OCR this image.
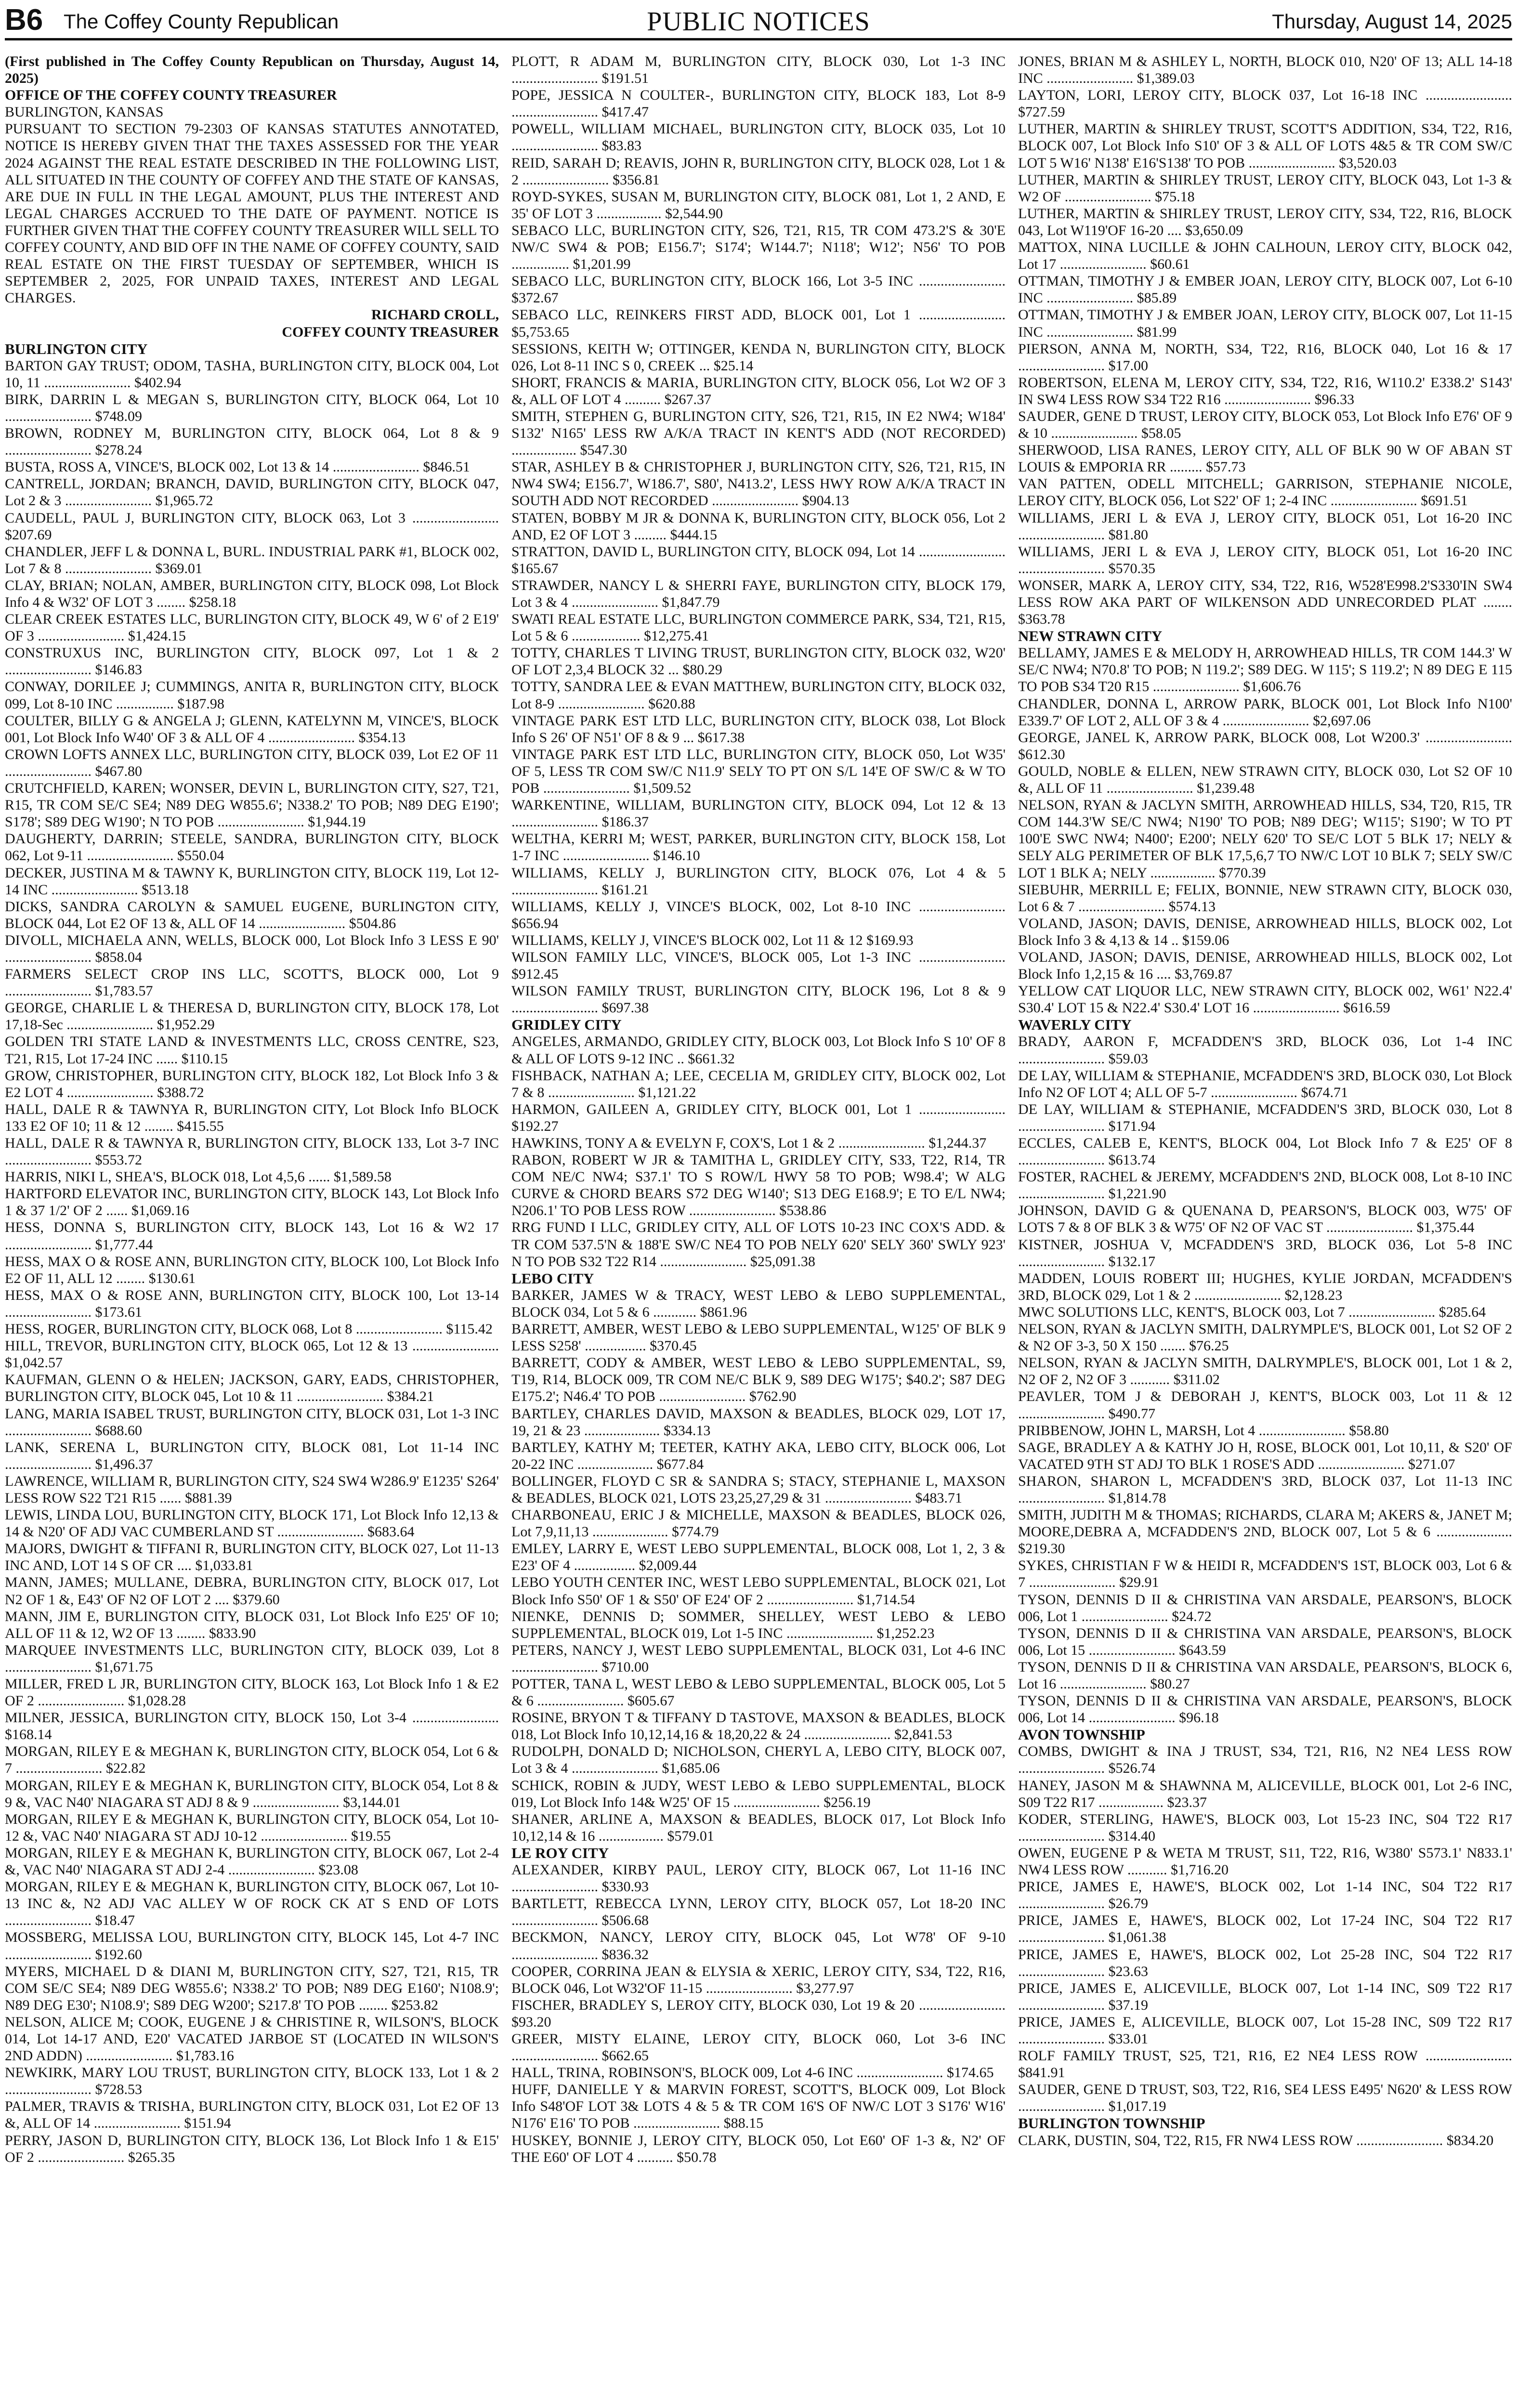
B6 The Coffey County Republican	PUBLIC NOTICES	Thursday, August 14, 2025

(First published in The Coffey County Republican on Thursday, August 14, 2025)

OFFICE OF THE COFFEY COUNTY TREASURER

BURLINGTON, KANSAS

PURSUANT TO SECTION 79-2303 OF KANSAS STATUTES ANNOTATED, NOTICE IS HEREBY GIVEN THAT THE TAXES ASSESSED FOR THE YEAR 2024 AGAINST THE REAL ESTATE DESCRIBED IN THE FOLLOWING LIST, ALL SITUATED IN THE COUNTY OF COFFEY AND THE STATE OF KANSAS, ARE DUE IN FULL IN THE LEGAL AMOUNT, PLUS THE INTEREST AND LEGAL CHARGES ACCRUED TO THE DATE OF PAYMENT. NOTICE IS FURTHER GIVEN THAT THE COFFEY COUNTY TREASURER WILL SELL TO COFFEY COUNTY, AND BID OFF IN THE NAME OF COFFEY COUNTY, SAID REAL ESTATE ON THE FIRST TUESDAY OF SEPTEMBER, WHICH IS SEPTEMBER 2, 2025, FOR UNPAID TAXES, INTEREST AND LEGAL CHARGES.

RICHARD CROLL,

COFFEY COUNTY TREASURER

BURLINGTON CITY

BARTON GAY TRUST; ODOM, TASHA, BURLINGTON CITY, BLOCK 004, Lot 10, 11 ........................ $402.94

BIRK, DARRIN L & MEGAN S, BURLINGTON CITY, BLOCK 064, Lot 10 ........................ $748.09

BROWN, RODNEY M, BURLINGTON CITY, BLOCK 064, Lot 8 & 9 ........................ $278.24

BUSTA, ROSS A, VINCE'S, BLOCK 002, Lot 13 & 14 ........................ $846.51

CANTRELL, JORDAN; BRANCH, DAVID, BURLINGTON CITY, BLOCK 047, Lot 2 & 3 ........................ $1,965.72

CAUDELL, PAUL J, BURLINGTON CITY, BLOCK 063, Lot 3 ........................ $207.69

CHANDLER, JEFF L & DONNA L, BURL. INDUSTRIAL PARK #1, BLOCK 002, Lot 7 & 8 ........................ $369.01

CLAY, BRIAN; NOLAN, AMBER, BURLINGTON CITY, BLOCK 098, Lot Block Info 4 & W32' OF LOT 3 ........ $258.18

CLEAR CREEK ESTATES LLC, BURLINGTON CITY, BLOCK 49, W 6' of 2 E19' OF 3 ........................ $1,424.15

CONSTRUXUS INC, BURLINGTON CITY, BLOCK 097, Lot 1 & 2 ........................ $146.83

CONWAY, DORILEE J; CUMMINGS, ANITA R, BURLINGTON CITY, BLOCK 099, Lot 8-10 INC ................ $187.98

COULTER, BILLY G & ANGELA J; GLENN, KATELYNN M, VINCE'S, BLOCK 001, Lot Block Info W40' OF 3 & ALL OF 4 ........................ $354.13

CROWN LOFTS ANNEX LLC, BURLINGTON CITY, BLOCK 039, Lot E2 OF 11 ........................ $467.80

CRUTCHFIELD, KAREN; WONSER, DEVIN L, BURLINGTON CITY, S27, T21, R15, TR COM SE/C SE4; N89 DEG W855.6'; N338.2' TO POB; N89 DEG E190'; S178'; S89 DEG W190'; N TO POB ........................ $1,944.19

DAUGHERTY, DARRIN; STEELE, SANDRA, BURLINGTON CITY, BLOCK 062, Lot 9-11 ........................ $550.04

DECKER, JUSTINA M & TAWNY K, BURLINGTON CITY, BLOCK 119, Lot 12-14 INC ........................ $513.18

DICKS, SANDRA CAROLYN & SAMUEL EUGENE, BURLINGTON CITY, BLOCK 044, Lot E2 OF 13 &, ALL OF 14 ........................ $504.86

DIVOLL, MICHAELA ANN, WELLS, BLOCK 000, Lot Block Info 3 LESS E 90' ........................ $858.04

FARMERS SELECT CROP INS LLC, SCOTT'S, BLOCK 000, Lot 9 ........................ $1,783.57

GEORGE, CHARLIE L & THERESA D, BURLINGTON CITY, BLOCK 178, Lot 17,18-Sec ........................ $1,952.29

GOLDEN TRI STATE LAND & INVESTMENTS LLC, CROSS CENTRE, S23, T21, R15, Lot 17-24 INC ...... $110.15

GROW, CHRISTOPHER, BURLINGTON CITY, BLOCK 182, Lot Block Info 3 & E2 LOT 4 ........................ $388.72

HALL, DALE R & TAWNYA R, BURLINGTON CITY, Lot Block Info BLOCK 133 E2 OF 10; 11 & 12 ........ $415.55

HALL, DALE R & TAWNYA R, BURLINGTON CITY, BLOCK 133, Lot 3-7 INC ........................ $553.72

HARRIS, NIKI L, SHEA'S, BLOCK 018, Lot 4,5,6 ...... $1,589.58

HARTFORD ELEVATOR INC, BURLINGTON CITY, BLOCK 143, Lot Block Info 1 & 37 1/2' OF 2 ...... $1,069.16

HESS, DONNA S, BURLINGTON CITY, BLOCK 143, Lot 16 & W2 17 ........................ $1,777.44

HESS, MAX O & ROSE ANN, BURLINGTON CITY, BLOCK 100, Lot Block Info E2 OF 11, ALL 12 ........ $130.61

HESS, MAX O & ROSE ANN, BURLINGTON CITY, BLOCK 100, Lot 13-14 ........................ $173.61

HESS, ROGER, BURLINGTON CITY, BLOCK 068, Lot 8 ........................ $115.42

HILL, TREVOR, BURLINGTON CITY, BLOCK 065, Lot 12 & 13 ........................ $1,042.57

KAUFMAN, GLENN O & HELEN; JACKSON, GARY, EADS, CHRISTOPHER, BURLINGTON CITY, BLOCK 045, Lot 10 & 11 ........................ $384.21

LANG, MARIA ISABEL TRUST, BURLINGTON CITY, BLOCK 031, Lot 1-3 INC ........................ $688.60

LANK, SERENA L, BURLINGTON CITY, BLOCK 081, Lot 11-14 INC ........................ $1,496.37

LAWRENCE, WILLIAM R, BURLINGTON CITY, S24 SW4 W286.9' E1235' S264' LESS ROW S22 T21 R15 ...... $881.39

LEWIS, LINDA LOU, BURLINGTON CITY, BLOCK 171, Lot Block Info 12,13 & 14 & N20' OF ADJ VAC CUMBERLAND ST ........................ $683.64

MAJORS, DWIGHT & TIFFANI R, BURLINGTON CITY, BLOCK 027, Lot 11-13 INC AND, LOT 14 S OF CR .... $1,033.81

MANN, JAMES; MULLANE, DEBRA, BURLINGTON CITY, BLOCK 017, Lot N2 OF 1 &, E43' OF N2 OF LOT 2 .... $379.60

MANN, JIM E, BURLINGTON CITY, BLOCK 031, Lot Block Info E25' OF 10; ALL OF 11 & 12, W2 OF 13 ........ $833.90

MARQUEE INVESTMENTS LLC, BURLINGTON CITY, BLOCK 039, Lot 8 ........................ $1,671.75

MILLER, FRED L JR, BURLINGTON CITY, BLOCK 163, Lot Block Info 1 & E2 OF 2 ........................ $1,028.28

MILNER, JESSICA, BURLINGTON CITY, BLOCK 150, Lot 3-4 ........................ $168.14

MORGAN, RILEY E & MEGHAN K, BURLINGTON CITY, BLOCK 054, Lot 6 & 7 ........................ $22.82

MORGAN, RILEY E & MEGHAN K, BURLINGTON CITY, BLOCK 054, Lot 8 & 9 &, VAC N40' NIAGARA ST ADJ 8 & 9 ........................ $3,144.01

MORGAN, RILEY E & MEGHAN K, BURLINGTON CITY, BLOCK 054, Lot 10-12 &, VAC N40' NIAGARA ST ADJ 10-12 ........................ $19.55

MORGAN, RILEY E & MEGHAN K, BURLINGTON CITY, BLOCK 067, Lot 2-4 &, VAC N40' NIAGARA ST ADJ 2-4 ........................ $23.08

MORGAN, RILEY E & MEGHAN K, BURLINGTON CITY, BLOCK 067, Lot 10-13 INC &, N2 ADJ VAC ALLEY W OF ROCK CK AT S END OF LOTS ........................ $18.47

MOSSBERG, MELISSA LOU, BURLINGTON CITY, BLOCK 145, Lot 4-7 INC ........................ $192.60

MYERS, MICHAEL D & DIANI M, BURLINGTON CITY, S27, T21, R15, TR COM SE/C SE4; N89 DEG W855.6'; N338.2' TO POB; N89 DEG E160'; N108.9'; N89 DEG E30'; N108.9'; S89 DEG W200'; S217.8' TO POB ........ $253.82

NELSON, ALICE M; COOK, EUGENE J & CHRISTINE R, WILSON'S, BLOCK 014, Lot 14-17 AND, E20' VACATED JARBOE ST (LOCATED IN WILSON'S 2ND ADDN) ........................ $1,783.16

NEWKIRK, MARY LOU TRUST, BURLINGTON CITY, BLOCK 133, Lot 1 & 2 ........................ $728.53

PALMER, TRAVIS & TRISHA, BURLINGTON CITY, BLOCK 031, Lot E2 OF 13 &, ALL OF 14 ........................ $151.94

PERRY, JASON D, BURLINGTON CITY, BLOCK 136, Lot Block Info 1 & E15' OF 2 ........................ $265.35

PLOTT, R ADAM M, BURLINGTON CITY, BLOCK 030, Lot 1-3 INC ........................ $191.51

POPE, JESSICA N COULTER-, BURLINGTON CITY, BLOCK 183, Lot 8-9 ........................ $417.47

POWELL, WILLIAM MICHAEL, BURLINGTON CITY, BLOCK 035, Lot 10 ........................ $83.83

REID, SARAH D; REAVIS, JOHN R, BURLINGTON CITY, BLOCK 028, Lot 1 & 2 ........................ $356.81

ROYD-SYKES, SUSAN M, BURLINGTON CITY, BLOCK 081, Lot 1, 2 AND, E 35' OF LOT 3 .................. $2,544.90

SEBACO LLC, BURLINGTON CITY, S26, T21, R15, TR COM 473.2'S & 30'E NW/C SW4 & POB; E156.7'; S174'; W144.7'; N118'; W12'; N56' TO POB ................ $1,201.99

SEBACO LLC, BURLINGTON CITY, BLOCK 166, Lot 3-5 INC ........................ $372.67

SEBACO LLC, REINKERS FIRST ADD, BLOCK 001, Lot 1 ........................ $5,753.65

SESSIONS, KEITH W; OTTINGER, KENDA N, BURLINGTON CITY, BLOCK 026, Lot 8-11 INC S 0, CREEK ... $25.14

SHORT, FRANCIS & MARIA, BURLINGTON CITY, BLOCK 056, Lot W2 OF 3 &, ALL OF LOT 4 .......... $267.37

SMITH, STEPHEN G, BURLINGTON CITY, S26, T21, R15, IN E2 NW4; W184' S132' N165' LESS RW A/K/A TRACT IN KENT'S ADD (NOT RECORDED) .................. $547.30

STAR, ASHLEY B & CHRISTOPHER J, BURLINGTON CITY, S26, T21, R15, IN NW4 SW4; E156.7', W186.7', S80', N413.2', LESS HWY ROW A/K/A TRACT IN SOUTH ADD NOT RECORDED ........................ $904.13

STATEN, BOBBY M JR & DONNA K, BURLINGTON CITY, BLOCK 056, Lot 2 AND, E2 OF LOT 3 ......... $444.15

STRATTON, DAVID L, BURLINGTON CITY, BLOCK 094, Lot 14 ........................ $165.67

STRAWDER, NANCY L & SHERRI FAYE, BURLINGTON CITY, BLOCK 179, Lot 3 & 4 ........................ $1,847.79

SWATI REAL ESTATE LLC, BURLINGTON COMMERCE PARK, S34, T21, R15, Lot 5 & 6 ................... $12,275.41

TOTTY, CHARLES T LIVING TRUST, BURLINGTON CITY, BLOCK 032, W20' OF LOT 2,3,4 BLOCK 32 ... $80.29

TOTTY, SANDRA LEE & EVAN MATTHEW, BURLINGTON CITY, BLOCK 032, Lot 8-9 ........................ $620.88

VINTAGE PARK EST LTD LLC, BURLINGTON CITY, BLOCK 038, Lot Block Info S 26' OF N51' OF 8 & 9 ... $617.38

VINTAGE PARK EST LTD LLC, BURLINGTON CITY, BLOCK 050, Lot W35' OF 5, LESS TR COM SW/C N11.9' SELY TO PT ON S/L 14'E OF SW/C & W TO POB ........................ $1,509.52

WARKENTINE, WILLIAM, BURLINGTON CITY, BLOCK 094, Lot 12 & 13 ........................ $186.37

WELTHA, KERRI M; WEST, PARKER, BURLINGTON CITY, BLOCK 158, Lot 1-7 INC ........................ $146.10

WILLIAMS, KELLY J, BURLINGTON CITY, BLOCK 076, Lot 4 & 5 ........................ $161.21

WILLIAMS, KELLY J, VINCE'S BLOCK, 002, Lot 8-10 INC ........................ $656.94

WILLIAMS, KELLY J, VINCE'S BLOCK 002, Lot 11 & 12 $169.93

WILSON FAMILY LLC, VINCE'S, BLOCK 005, Lot 1-3 INC ........................ $912.45

WILSON FAMILY TRUST, BURLINGTON CITY, BLOCK 196, Lot 8 & 9 ........................ $697.38

GRIDLEY CITY

ANGELES, ARMANDO, GRIDLEY CITY, BLOCK 003, Lot Block Info S 10' OF 8 & ALL OF LOTS 9-12 INC .. $661.32

FISHBACK, NATHAN A; LEE, CECELIA M, GRIDLEY CITY, BLOCK 002, Lot 7 & 8 ........................ $1,121.22

HARMON, GAILEEN A, GRIDLEY CITY, BLOCK 001, Lot 1 ........................ $192.27

HAWKINS, TONY A & EVELYN F, COX'S, Lot 1 & 2 ........................ $1,244.37

RABON, ROBERT W JR & TAMITHA L, GRIDLEY CITY, S33, T22, R14, TR COM NE/C NW4; S37.1' TO S ROW/L HWY 58 TO POB; W98.4'; W ALG CURVE & CHORD BEARS S72 DEG W140'; S13 DEG E168.9'; E TO E/L NW4; N206.1' TO POB LESS ROW ........................ $538.86

RRG FUND I LLC, GRIDLEY CITY, ALL OF LOTS 10-23 INC COX'S ADD. & TR COM 537.5'N & 188'E SW/C NE4 TO POB NELY 620' SELY 360' SWLY 923' N TO POB S32 T22 R14 ........................ $25,091.38

LEBO CITY

BARKER, JAMES W & TRACY, WEST LEBO & LEBO SUPPLEMENTAL, BLOCK 034, Lot 5 & 6 ............ $861.96

BARRETT, AMBER, WEST LEBO & LEBO SUPPLEMENTAL, W125' OF BLK 9 LESS S258' ................. $370.45

BARRETT, CODY & AMBER, WEST LEBO & LEBO SUPPLEMENTAL, S9, T19, R14, BLOCK 009, TR COM NE/C BLK 9, S89 DEG W175'; $40.2'; S87 DEG E175.2'; N46.4' TO POB ........................ $762.90

BARTLEY, CHARLES DAVID, MAXSON & BEADLES, BLOCK 029, LOT 17, 19, 21 & 23 ..................... $334.13

BARTLEY, KATHY M; TEETER, KATHY AKA, LEBO CITY, BLOCK 006, Lot 20-22 INC ..................... $677.84

BOLLINGER, FLOYD C SR & SANDRA S; STACY, STEPHANIE L, MAXSON & BEADLES, BLOCK 021, LOTS 23,25,27,29 & 31 ........................ $483.71

CHARBONEAU, ERIC J & MICHELLE, MAXSON & BEADLES, BLOCK 026, Lot 7,9,11,13 ..................... $774.79

EMLEY, LARRY E, WEST LEBO SUPPLEMENTAL, BLOCK 008, Lot 1, 2, 3 & E23' OF 4 ................. $2,009.44

LEBO YOUTH CENTER INC, WEST LEBO SUPPLEMENTAL, BLOCK 021, Lot Block Info S50' OF 1 & S50' OF E24' OF 2 ........................ $1,714.54

NIENKE, DENNIS D; SOMMER, SHELLEY, WEST LEBO & LEBO SUPPLEMENTAL, BLOCK 019, Lot 1-5 INC ........................ $1,252.23

PETERS, NANCY J, WEST LEBO SUPPLEMENTAL, BLOCK 031, Lot 4-6 INC ........................ $710.00

POTTER, TANA L, WEST LEBO & LEBO SUPPLEMENTAL, BLOCK 005, Lot 5 & 6 ........................ $605.67

ROSINE, BRYON T & TIFFANY D TASTOVE, MAXSON & BEADLES, BLOCK 018, Lot Block Info 10,12,14,16 & 18,20,22 & 24 ........................ $2,841.53

RUDOLPH, DONALD D; NICHOLSON, CHERYL A, LEBO CITY, BLOCK 007, Lot 3 & 4 ........................ $1,685.06

SCHICK, ROBIN & JUDY, WEST LEBO & LEBO SUPPLEMENTAL, BLOCK 019, Lot Block Info 14& W25' OF 15 ........................ $256.19

SHANER, ARLINE A, MAXSON & BEADLES, BLOCK 017, Lot Block Info 10,12,14 & 16 .................. $579.01

LE ROY CITY

ALEXANDER, KIRBY PAUL, LEROY CITY, BLOCK 067, Lot 11-16 INC ........................ $330.93

BARTLETT, REBECCA LYNN, LEROY CITY, BLOCK 057, Lot 18-20 INC ........................ $506.68

BECKMON, NANCY, LEROY CITY, BLOCK 045, Lot W78' OF 9-10 ........................ $836.32

COOPER, CORRINA JEAN & ELYSIA & XERIC, LEROY CITY, S34, T22, R16, BLOCK 046, Lot W32'OF 11-15 ........................ $3,277.97

FISCHER, BRADLEY S, LEROY CITY, BLOCK 030, Lot 19 & 20 ........................ $93.20

GREER, MISTY ELAINE, LEROY CITY, BLOCK 060, Lot 3-6 INC ........................ $662.65

HALL, TRINA, ROBINSON'S, BLOCK 009, Lot 4-6 INC ........................ $174.65

HUFF, DANIELLE Y & MARVIN FOREST, SCOTT'S, BLOCK 009, Lot Block Info S48'OF LOT 3& LOTS 4 & 5 & TR COM 16'S OF NW/C LOT 3 S176' W16' N176' E16' TO POB ........................ $88.15

HUSKEY, BONNIE J, LEROY CITY, BLOCK 050, Lot E60' OF 1-3 &, N2' OF THE E60' OF LOT 4 .......... $50.78

JONES, BRIAN M & ASHLEY L, NORTH, BLOCK 010, N20' OF 13; ALL 14-18 INC ........................ $1,389.03

LAYTON, LORI, LEROY CITY, BLOCK 037, Lot 16-18 INC ........................ $727.59

LUTHER, MARTIN & SHIRLEY TRUST, SCOTT'S ADDITION, S34, T22, R16, BLOCK 007, Lot Block Info S10' OF 3 & ALL OF LOTS 4&5 & TR COM SW/C LOT 5 W16' N138' E16'S138' TO POB ........................ $3,520.03

LUTHER, MARTIN & SHIRLEY TRUST, LEROY CITY, BLOCK 043, Lot 1-3 & W2 OF ........................ $75.18

LUTHER, MARTIN & SHIRLEY TRUST, LEROY CITY, S34, T22, R16, BLOCK 043, Lot W119'OF 16-20 .... $3,650.09

MATTOX, NINA LUCILLE & JOHN CALHOUN, LEROY CITY, BLOCK 042, Lot 17 ........................ $60.61

OTTMAN, TIMOTHY J & EMBER JOAN, LEROY CITY, BLOCK 007, Lot 6-10 INC ........................ $85.89

OTTMAN, TIMOTHY J & EMBER JOAN, LEROY CITY, BLOCK 007, Lot 11-15 INC ........................ $81.99

PIERSON, ANNA M, NORTH, S34, T22, R16, BLOCK 040, Lot 16 & 17 ........................ $17.00

ROBERTSON, ELENA M, LEROY CITY, S34, T22, R16, W110.2' E338.2' S143' IN SW4 LESS ROW S34 T22 R16 ........................ $96.33

SAUDER, GENE D TRUST, LEROY CITY, BLOCK 053, Lot Block Info E76' OF 9 & 10 ........................ $58.05

SHERWOOD, LISA RANES, LEROY CITY, ALL OF BLK 90 W OF ABAN ST LOUIS & EMPORIA RR ......... $57.73

VAN PATTEN, ODELL MITCHELL; GARRISON, STEPHANIE NICOLE, LEROY CITY, BLOCK 056, Lot S22' OF 1; 2-4 INC ........................ $691.51

WILLIAMS, JERI L & EVA J, LEROY CITY, BLOCK 051, Lot 16-20 INC ........................ $81.80

WILLIAMS, JERI L & EVA J, LEROY CITY, BLOCK 051, Lot 16-20 INC ........................ $570.35

WONSER, MARK A, LEROY CITY, S34, T22, R16, W528'E998.2'S330'IN SW4 LESS ROW AKA PART OF WILKENSON ADD UNRECORDED PLAT ........ $363.78

NEW STRAWN CITY

BELLAMY, JAMES E & MELODY H, ARROWHEAD HILLS, TR COM 144.3' W SE/C NW4; N70.8' TO POB; N 119.2'; S89 DEG. W 115'; S 119.2'; N 89 DEG E 115 TO POB S34 T20 R15 ........................ $1,606.76

CHANDLER, DONNA L, ARROW PARK, BLOCK 001, Lot Block Info N100' E339.7' OF LOT 2, ALL OF 3 & 4 ........................ $2,697.06

GEORGE, JANEL K, ARROW PARK, BLOCK 008, Lot W200.3' ........................ $612.30

GOULD, NOBLE & ELLEN, NEW STRAWN CITY, BLOCK 030, Lot S2 OF 10 &, ALL OF 11 ........................ $1,239.48

NELSON, RYAN & JACLYN SMITH, ARROWHEAD HILLS, S34, T20, R15, TR COM 144.3'W SE/C NW4; N190' TO POB; N89 DEG'; W115'; S190'; W TO PT 100'E SWC NW4; N400'; E200'; NELY 620' TO SE/C LOT 5 BLK 17; NELY & SELY ALG PERIMETER OF BLK 17,5,6,7 TO NW/C LOT 10 BLK 7; SELY SW/C LOT 1 BLK A; NELY .................. $770.39

SIEBUHR, MERRILL E; FELIX, BONNIE, NEW STRAWN CITY, BLOCK 030, Lot 6 & 7 ........................ $574.13

VOLAND, JASON; DAVIS, DENISE, ARROWHEAD HILLS, BLOCK 002, Lot Block Info 3 & 4,13 & 14 .. $159.06

VOLAND, JASON; DAVIS, DENISE, ARROWHEAD HILLS, BLOCK 002, Lot Block Info 1,2,15 & 16 .... $3,769.87

YELLOW CAT LIQUOR LLC, NEW STRAWN CITY, BLOCK 002, W61' N22.4' S30.4' LOT 15 & N22.4' S30.4' LOT 16 ........................ $616.59

WAVERLY CITY

BRADY, AARON F, MCFADDEN'S 3RD, BLOCK 036, Lot 1-4 INC ........................ $59.03

DE LAY, WILLIAM & STEPHANIE, MCFADDEN'S 3RD, BLOCK 030, Lot Block Info N2 OF LOT 4; ALL OF 5-7 ........................ $674.71

DE LAY, WILLIAM & STEPHANIE, MCFADDEN'S 3RD, BLOCK 030, Lot 8 ........................ $171.94

ECCLES, CALEB E, KENT'S, BLOCK 004, Lot Block Info 7 & E25' OF 8 ........................ $613.74

FOSTER, RACHEL & JEREMY, MCFADDEN'S 2ND, BLOCK 008, Lot 8-10 INC ........................ $1,221.90

JOHNSON, DAVID G & QUENANA D, PEARSON'S, BLOCK 003, W75' OF LOTS 7 & 8 OF BLK 3 & W75' OF N2 OF VAC ST ........................ $1,375.44

KISTNER, JOSHUA V, MCFADDEN'S 3RD, BLOCK 036, Lot 5-8 INC ........................ $132.17

MADDEN, LOUIS ROBERT III; HUGHES, KYLIE JORDAN, MCFADDEN'S 3RD, BLOCK 029, Lot 1 & 2 ........................ $2,128.23

MWC SOLUTIONS LLC, KENT'S, BLOCK 003, Lot 7 ........................ $285.64

NELSON, RYAN & JACLYN SMITH, DALRYMPLE'S, BLOCK 001, Lot S2 OF 2 & N2 OF 3-3, 50 X 150 ....... $76.25

NELSON, RYAN & JACLYN SMITH, DALRYMPLE'S, BLOCK 001, Lot 1 & 2, N2 OF 2, N2 OF 3 ........... $311.02

PEAVLER, TOM J & DEBORAH J, KENT'S, BLOCK 003, Lot 11 & 12 ........................ $490.77

PRIBBENOW, JOHN L, MARSH, Lot 4 ........................ $58.80

SAGE, BRADLEY A & KATHY JO H, ROSE, BLOCK 001, Lot 10,11, & S20' OF VACATED 9TH ST ADJ TO BLK 1 ROSE'S ADD ........................ $271.07

SHARON, SHARON L, MCFADDEN'S 3RD, BLOCK 037, Lot 11-13 INC ........................ $1,814.78

SMITH, JUDITH M & THOMAS; RICHARDS, CLARA M; AKERS &, JANET M; MOORE,DEBRA A, MCFADDEN'S 2ND, BLOCK 007, Lot 5 & 6 ..................... $219.30

SYKES, CHRISTIAN F W & HEIDI R, MCFADDEN'S 1ST, BLOCK 003, Lot 6 & 7 ........................ $29.91

TYSON, DENNIS D II & CHRISTINA VAN ARSDALE, PEARSON'S, BLOCK 006, Lot 1 ........................ $24.72

TYSON, DENNIS D II & CHRISTINA VAN ARSDALE, PEARSON'S, BLOCK 006, Lot 15 ........................ $643.59

TYSON, DENNIS D II & CHRISTINA VAN ARSDALE, PEARSON'S, BLOCK 6, Lot 16 ........................ $80.27

TYSON, DENNIS D II & CHRISTINA VAN ARSDALE, PEARSON'S, BLOCK 006, Lot 14 ........................ $96.18

AVON TOWNSHIP

COMBS, DWIGHT & INA J TRUST, S34, T21, R16, N2 NE4 LESS ROW ........................ $526.74

HANEY, JASON M & SHAWNNA M, ALICEVILLE, BLOCK 001, Lot 2-6 INC, S09 T22 R17 .................. $23.37

KODER, STERLING, HAWE'S, BLOCK 003, Lot 15-23 INC, S04 T22 R17 ........................ $314.40

OWEN, EUGENE P & WETA M TRUST, S11, T22, R16, W380' S573.1' N833.1' NW4 LESS ROW ........... $1,716.20

PRICE, JAMES E, HAWE'S, BLOCK 002, Lot 1-14 INC, S04 T22 R17 ........................ $26.79

PRICE, JAMES E, HAWE'S, BLOCK 002, Lot 17-24 INC, S04 T22 R17 ........................ $1,061.38

PRICE, JAMES E, HAWE'S, BLOCK 002, Lot 25-28 INC, S04 T22 R17 ........................ $23.63

PRICE, JAMES E, ALICEVILLE, BLOCK 007, Lot 1-14 INC, S09 T22 R17 ........................ $37.19

PRICE, JAMES E, ALICEVILLE, BLOCK 007, Lot 15-28 INC, S09 T22 R17 ........................ $33.01

ROLF FAMILY TRUST, S25, T21, R16, E2 NE4 LESS ROW ........................ $841.91

SAUDER, GENE D TRUST, S03, T22, R16, SE4 LESS E495' N620' & LESS ROW ........................ $1,017.19

BURLINGTON TOWNSHIP

CLARK, DUSTIN, S04, T22, R15, FR NW4 LESS ROW ........................ $834.20
